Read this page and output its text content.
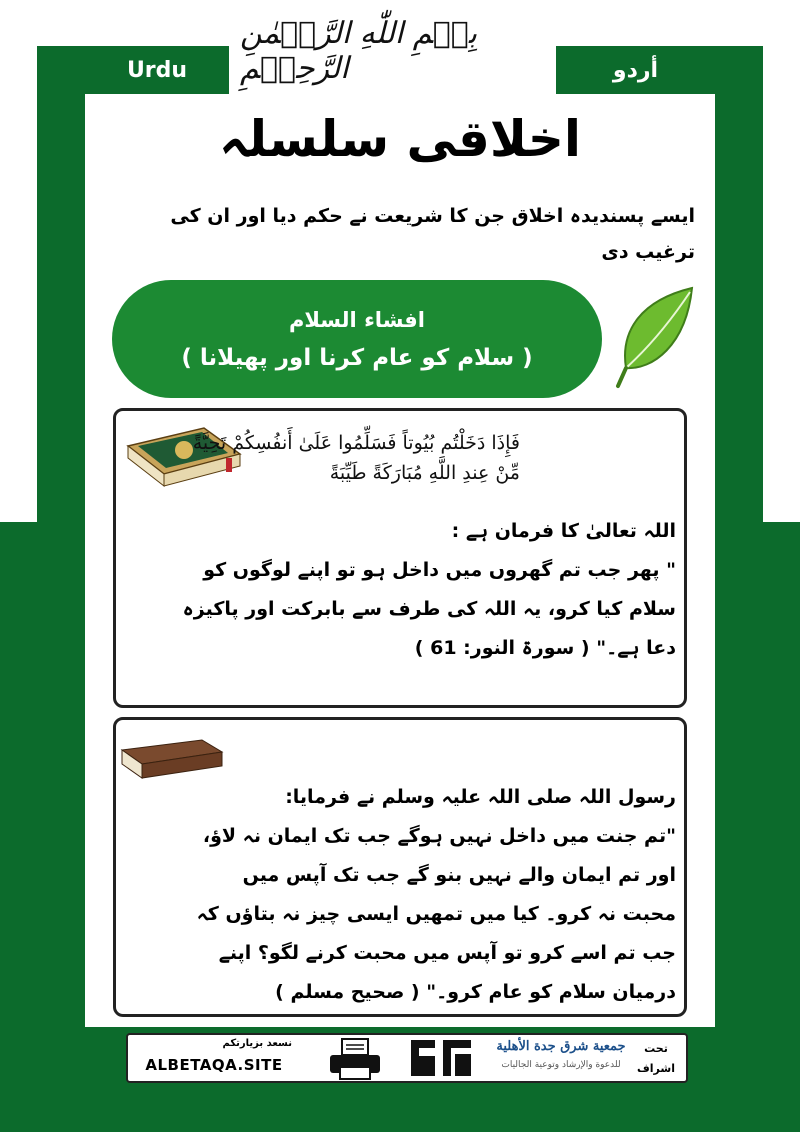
Urdu	أردو
بِسۡمِ اللّٰهِ الرَّحۡمٰنِ الرَّحِيۡمِ
اخلاقی سلسلہ
ایسے پسندیدہ اخلاق جن کا شریعت نے حکم دیا اور ان کی
ترغیب دی
افشاء السلام
( سلام کو عام کرنا اور پھیلانا )
فَإِذَا دَخَلْتُم بُيُوتاً فَسَلِّمُوا عَلَىٰ أَنفُسِكُمْ تَحِيَّةً
مِّنْ عِندِ اللَّهِ مُبَارَكَةً طَيِّبَةً
اللہ تعالیٰ کا فرمان ہے :
" پھر جب تم گھروں میں داخل ہو تو اپنے لوگوں کو
سلام کیا کرو، یہ اللہ کی طرف سے بابرکت اور پاکیزہ
دعا ہے۔" ( سورۃ النور: 61 )
رسول اللہ صلی اللہ علیہ وسلم نے فرمایا:
"تم جنت میں داخل نہیں ہوگے جب تک ایمان نہ لاؤ،
اور تم ایمان والے نہیں بنو گے جب تک آپس میں
محبت نہ کرو۔ کیا میں تمھیں ایسی چیز نہ بتاؤں کہ
جب تم اسے کرو تو آپس میں محبت کرنے لگو؟ اپنے
درمیان سلام کو عام کرو۔" ( صحیح مسلم )
نسعد بزيارتكم
ALBETAQA.SITE
جمعية شرق جدة الأهلية
للدعوة والإرشاد وتوعية الجاليات
تحت
اشراف
